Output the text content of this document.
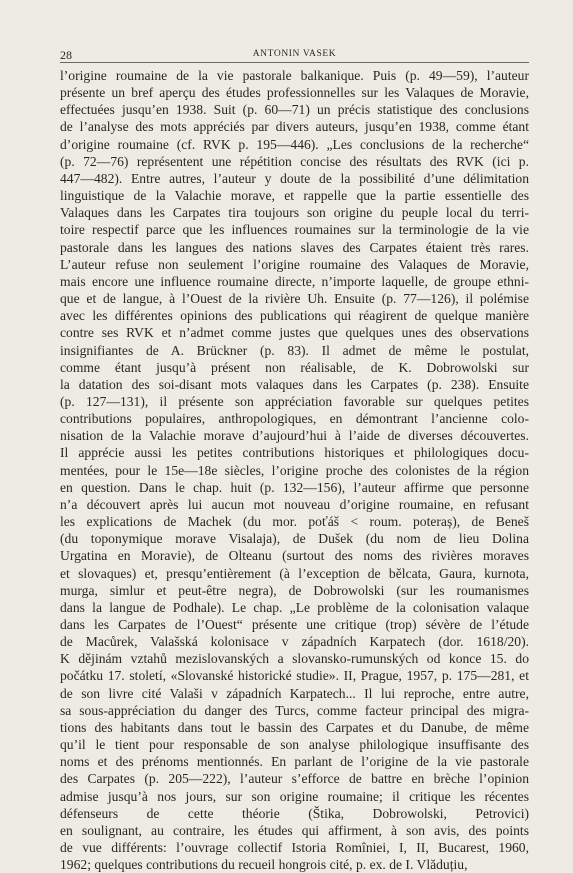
28	ANTONIN VASEK
l’origine roumaine de la vie pastorale balkanique. Puis (p. 49—59), l’auteur
présente un bref aperçu des études professionnelles sur les Valaques de Moravie,
effectuées jusqu’en 1938. Suit (p. 60—71) un précis statistique des conclusions
de l’analyse des mots appréciés par divers auteurs, jusqu’en 1938, comme étant
d’origine roumaine (cf. RVK p. 195—446). „Les conclusions de la recherche“
(p. 72—76) représentent une répétition concise des résultats des RVK (ici p.
447—482). Entre autres, l’auteur y doute de la possibilité d’une délimitation
linguistique de la Valachie morave, et rappelle que la partie essentielle des
Valaques dans les Carpates tira toujours son origine du peuple local du terri-
toire respectif parce que les influences roumaines sur la terminologie de la vie
pastorale dans les langues des nations slaves des Carpates étaient très rares.
L’auteur refuse non seulement l’origine roumaine des Valaques de Moravie,
mais encore une influence roumaine directe, n’importe laquelle, de groupe ethni-
que et de langue, à l’Ouest de la rivière Uh. Ensuite (p. 77—126), il polémise
avec les différentes opinions des publications qui réagirent de quelque manière
contre ses RVK et n’admet comme justes que quelques unes des observations
insignifiantes de A. Brückner (p. 83). Il admet de même le postulat,
comme étant jusqu’à présent non réalisable, de K. Dobrowolski sur
la datation des soi-disant mots valaques dans les Carpates (p. 238). Ensuite
(p. 127—131), il présente son appréciation favorable sur quelques petites
contributions populaires, anthropologiques, en démontrant l’ancienne colo-
nisation de la Valachie morave d’aujourd’hui à l’aide de diverses découvertes.
Il apprécie aussi les petites contributions historiques et philologiques docu-
mentées, pour le 15e—18e siècles, l’origine proche des colonistes de la région
en question. Dans le chap. huit (p. 132—156), l’auteur affirme que personne
n’a découvert après lui aucun mot nouveau d’origine roumaine, en refusant
les explications de Machek (du mor. poťáš < roum. poteraș), de Beneš
(du toponymique morave Visalaja), de Dušek (du nom de lieu Dolina
Urgatina en Moravie), de Olteanu (surtout des noms des rivières moraves
et slovaques) et, presqu’entièrement (à l’exception de bělcata, Gaura, kurnota,
murga, simlur et peut-être negra), de Dobrowolski (sur les roumanismes
dans la langue de Podhale). Le chap. „Le problème de la colonisation valaque
dans les Carpates de l’Ouest“ présente une critique (trop) sévère de l’étude
de Macůrek, Valašská kolonisace v západních Karpatech (dor. 1618/20).
K dějinám vztahů mezislovanských a slovansko-rumunských od konce 15. do
počátku 17. století, «Slovanské historické studie». II, Prague, 1957, p. 175—281, et
de son livre cité Valaši v západních Karpatech... Il lui reproche, entre autre,
sa sous-appréciation du danger des Turcs, comme facteur principal des migra-
tions des habitants dans tout le bassin des Carpates et du Danube, de même
qu’il le tient pour responsable de son analyse philologique insuffisante des
noms et des prénoms mentionnés. En parlant de l’origine de la vie pastorale
des Carpates (p. 205—222), l’auteur s’efforce de battre en brèche l’opinion
admise jusqu’à nos jours, sur son origine roumaine; il critique les récentes
défenseurs de cette théorie (Štika, Dobrowolski, Petrovici)
en soulignant, au contraire, les études qui affirment, à son avis, des points
de vue différents: l’ouvrage collectif Istoria Romîniei, I, II, Bucarest, 1960,
1962; quelques contributions du recueil hongrois cité, p. ex. de I. Vlăduțiu,
